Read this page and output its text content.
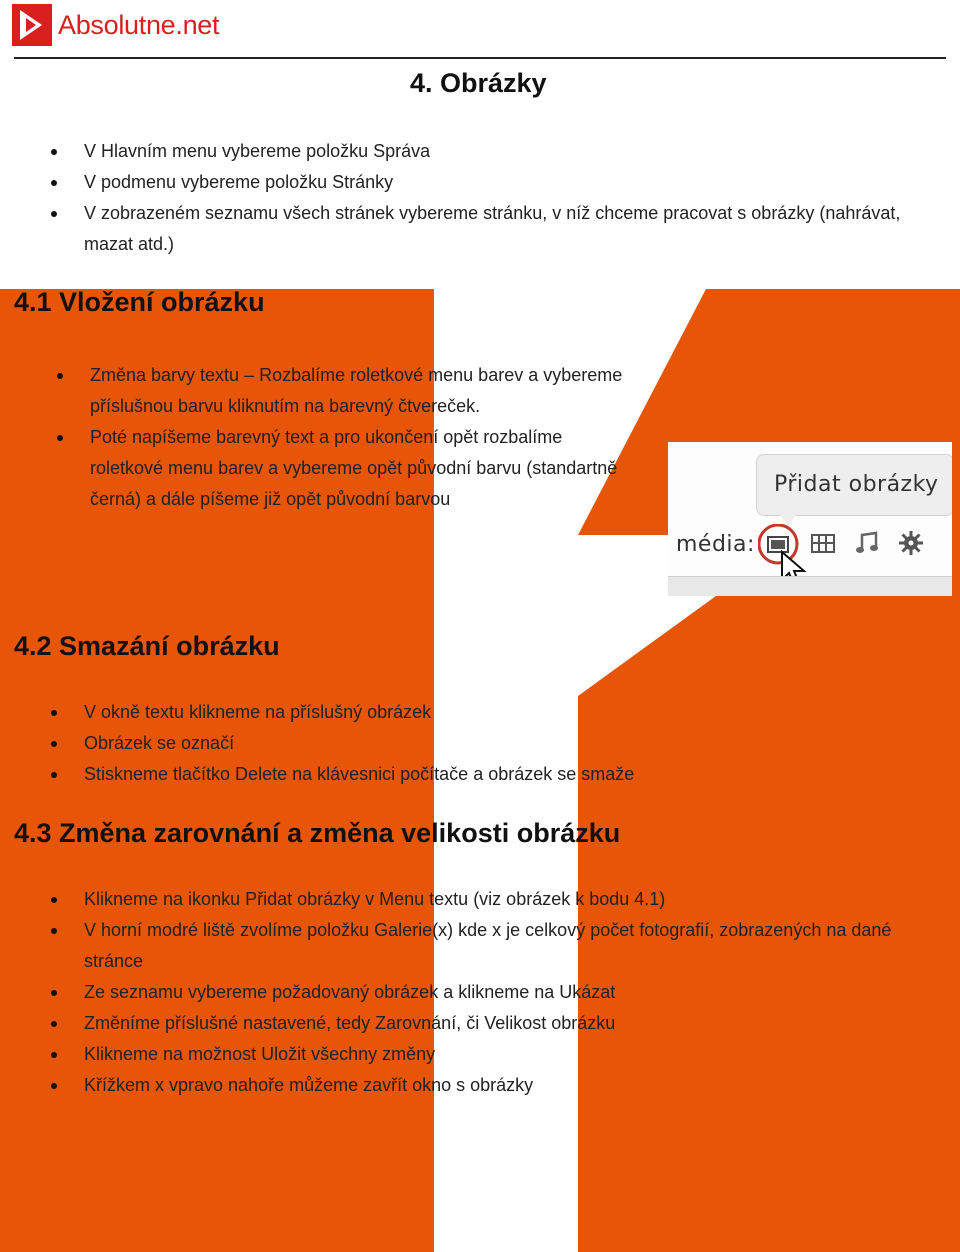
Absolutne.net
4. Obrázky
V Hlavním menu vybereme položku Správa
V podmenu vybereme položku Stránky
V zobrazeném seznamu všech stránek vybereme stránku, v níž chceme pracovat s obrázky (nahrávat, mazat atd.)
4.1 Vložení obrázku
Změna barvy textu – Rozbalíme roletkové menu barev a vybereme příslušnou barvu kliknutím na barevný čtvereček.
Poté napíšeme barevný text a pro ukončení opět rozbalíme roletkové menu barev a vybereme opět původní barvu (standartně černá) a dále píšeme již opět původní barvou
Přidat obrázky
média:
4.2 Smazání obrázku
V okně textu klikneme na příslušný obrázek
Obrázek se označí
Stiskneme tlačítko Delete na klávesnici počítače a obrázek se smaže
4.3 Změna zarovnání a změna velikosti obrázku
Klikneme na ikonku Přidat obrázky v Menu textu (viz obrázek k bodu 4.1)
V horní modré liště zvolíme položku Galerie(x) kde x je celkový počet fotografií, zobrazených na dané stránce
Ze seznamu vybereme požadovaný obrázek a klikneme na Ukázat
Změníme příslušné nastavené, tedy Zarovnání, či Velikost obrázku
Klikneme na možnost Uložit všechny změny
Křížkem x vpravo nahoře můžeme zavřít okno s obrázky
